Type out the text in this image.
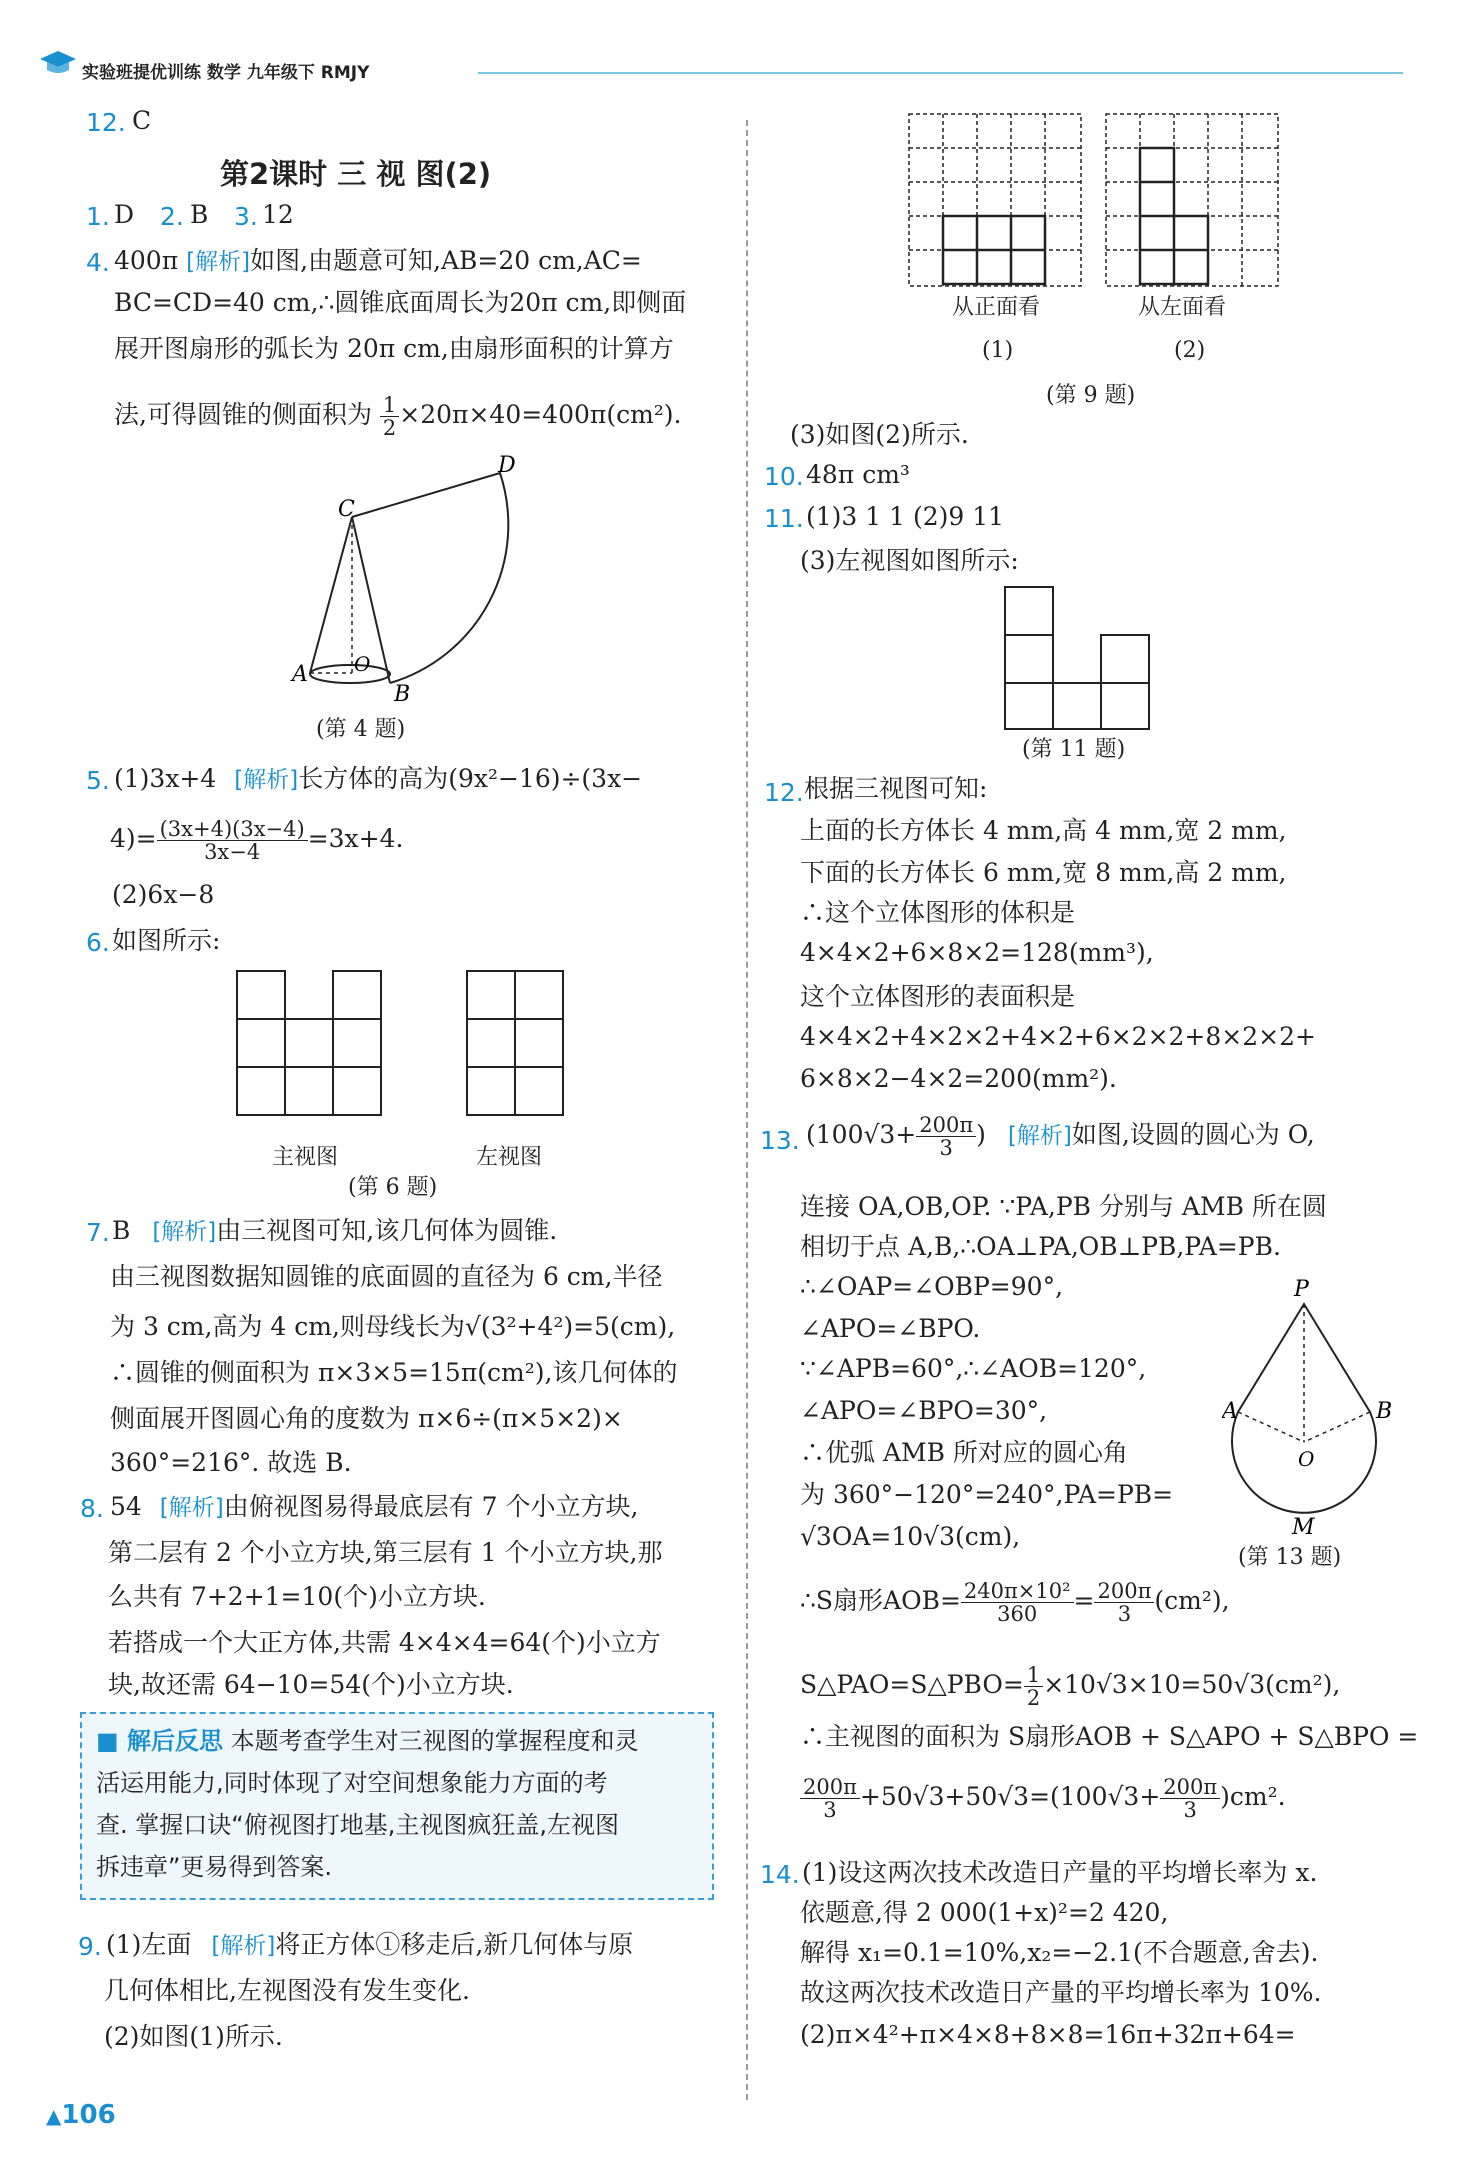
实验班提优训练 数学 九年级下 RMJY
12. C
第2课时 三 视 图(2)
1. D 2. B 3. 12
4. 400π [解析]如图,由题意可知,AB=20 cm,AC=
BC=CD=40 cm,∴圆锥底面周长为20π cm,即侧面
展开图扇形的弧长为 20π cm,由扇形面积的计算方
法,可得圆锥的侧面积为 $\frac{1}{2} \times 20\pi\times 40=400\pi(cm^2)$.
C
D
A O
B
(第 4 题)
5. (1)3x+4 [解析]长方体的高为(9x²−16)÷(3x−
$4)= \frac{(3x+4)(3x-4)}{3x-4} =3x+4$.
(2)6x−8
6. 如图所示:
主视图	左视图
(第 6 题)
7. B [解析]由三视图可知,该几何体为圆锥.
由三视图数据知圆锥的底面圆的直径为 6 cm,半径
为 3 cm,高为 4 cm,则母线长为√(3²+4²)=5(cm),
∴圆锥的侧面积为 π×3×5=15π(cm²),该几何体的
侧面展开图圆心角的度数为 π×6÷(π×5×2)×
360°=216°. 故选 B.
8. 54 [解析]由俯视图易得最底层有 7 个小立方块,
第二层有 2 个小立方块,第三层有 1 个小立方块,那
么共有 7+2+1=10(个)小立方块.
若搭成一个大正方体,共需 4×4×4=64(个)小立方
块,故还需 64−10=54(个)小立方块.
■ 解后反思 本题考查学生对三视图的掌握程度和灵
活运用能力,同时体现了对空间想象能力方面的考
查. 掌握口诀“俯视图打地基,主视图疯狂盖,左视图
拆违章”更易得到答案.
9. (1)左面 [解析]将正方体①移走后,新几何体与原
几何体相比,左视图没有发生变化.
(2)如图(1)所示.
▲106
从正面看	从左面看
(1)	(2)
(第 9 题)
(3)如图(2)所示.
10. 48π cm³
11. (1)3 1 1 (2)9 11
(3)左视图如图所示:
(第 11 题)
12. 根据三视图可知:
上面的长方体长 4 mm,高 4 mm,宽 2 mm,
下面的长方体长 6 mm,宽 8 mm,高 2 mm,
∴这个立体图形的体积是
4×4×2+6×8×2=128(mm³),
这个立体图形的表面积是
4×4×2+4×2×2+4×2+6×2×2+8×2×2+
6×8×2−4×2=200(mm²).
13. ($100√3+ \frac{200\pi}{3}$ ) [解析]如图,设圆的圆心为 O,
连接 OA,OB,OP. ∵PA,PB 分别与 AMB 所在圆
相切于点 A,B,∴OA⊥PA,OB⊥PB,PA=PB.
∴∠OAP=∠OBP=90°,
∠APO=∠BPO.
∵∠APB=60°,∴∠AOB=120°,
∠APO=∠BPO=30°,
∴优弧 AMB 所对应的圆心角
为 360°−120°=240°,PA=PB=
√3OA=10√3(cm),
P
A	B
O
M
(第 13 题)
∴S扇形$AOB= \frac{\text{240π×10²}}{360} = \frac{200\pi}{3} (cm^2)$,
S△PAO=S△PBO= $\frac{1}{2} \times 10√3\times 10=50√3(cm^2)$,
∴主视图的面积为 S扇形AOB + S△APO + S△BPO =
$\frac{200\pi}{3} +50√3+50√3=(100√3+ \frac{200\pi}{3} )cm^2$.
14. (1)设这两次技术改造日产量的平均增长率为 x.
依题意,得 2 000(1+x)²=2 420,
解得 x₁=0.1=10%,x₂=−2.1(不合题意,舍去).
故这两次技术改造日产量的平均增长率为 10%.
(2)π×4²+π×4×8+8×8=16π+32π+64=
